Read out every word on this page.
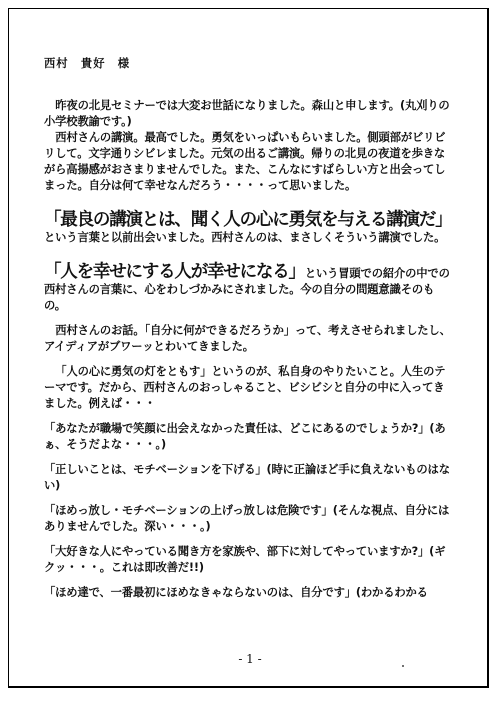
西村　貴好　様

昨夜の北見セミナーでは大変お世話になりました。森山と申します。(丸刈りの小学校教諭です。)

西村さんの講演。最高でした。勇気をいっぱいもらいました。側頭部がビリビリして。文字通りシビレました。元気の出るご講演。帰りの北見の夜道を歩きながら高揚感がおさまりませんでした。また、こんなにすばらしい方と出会ってしまった。自分は何て幸せなんだろう・・・・って思いました。

「最良の講演とは、聞く人の心に勇気を与える講演だ」という言葉と以前出会いました。西村さんのは、まさしくそういう講演でした。

「人を幸せにする人が幸せになる」という冒頭での紹介の中での西村さんの言葉に、心をわしづかみにされました。今の自分の問題意識そのもの。

西村さんのお話。「自分に何ができるだろうか」って、考えさせられましたし、アイディアがブワーッとわいてきました。

「人の心に勇気の灯をともす」というのが、私自身のやりたいこと。人生のテーマです。だから、西村さんのおっしゃること、ビシビシと自分の中に入ってきました。例えば・・・

「あなたが職場で笑顔に出会えなかった責任は、どこにあるのでしょうか?」(あぁ、そうだよな・・・。)

「正しいことは、モチベーションを下げる」(時に正論ほど手に負えないものはない)

「ほめっ放し・モチベーションの上げっ放しは危険です」(そんな視点、自分にはありませんでした。深い・・・。)

「大好きな人にやっている聞き方を家族や、部下に対してやっていますか?」(ギクッ・・・。これは即改善だ!!)

「ほめ達で、一番最初にほめなきゃならないのは、自分です」(わかるわかる

- 1 -
